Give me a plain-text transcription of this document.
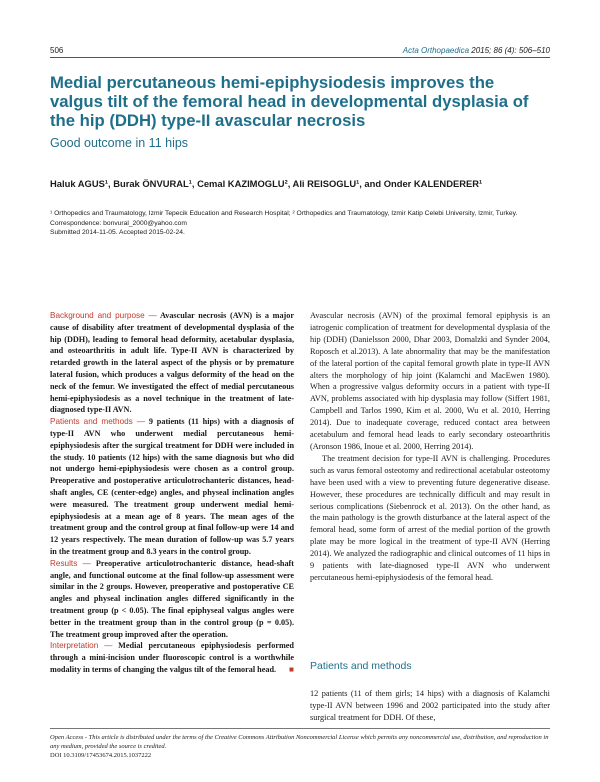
506	Acta Orthopaedica 2015; 86 (4): 506–510
Medial percutaneous hemi-epiphysiodesis improves the valgus tilt of the femoral head in developmental dysplasia of the hip (DDH) type-II avascular necrosis
Good outcome in 11 hips
Haluk AGUS¹, Burak ÖNVURAL¹, Cemal KAZIMOGLU², Ali REISOGLU¹, and Onder KALENDERER¹
¹ Orthopedics and Traumatology, Izmir Tepecik Education and Research Hospital; ² Orthopedics and Traumatology, Izmir Katip Celebi University, Izmir, Turkey.
Correspondence: bonvural_2000@yahoo.com
Submitted 2014-11-05. Accepted 2015-02-24.

Background and purpose — Avascular necrosis (AVN) is a major cause of disability after treatment of developmental dysplasia of the hip (DDH), leading to femoral head deformity, acetabular dysplasia, and osteoarthritis in adult life. Type-II AVN is characterized by retarded growth in the lateral aspect of the physis or by premature lateral fusion, which produces a valgus deformity of the head on the neck of the femur. We investigated the effect of medial percutaneous hemi-epiphysiodesis as a novel technique in the treatment of late-diagnosed type-II AVN.

Patients and methods — 9 patients (11 hips) with a diagnosis of type-II AVN who underwent medial percutaneous hemi-epiphysiodesis after the surgical treatment for DDH were included in the study. 10 patients (12 hips) with the same diagnosis but who did not undergo hemi-epiphysiodesis were chosen as a control group. Preoperative and postoperative articulotrochanteric distances, head-shaft angles, CE (center-edge) angles, and physeal inclination angles were measured. The treatment group underwent medial hemi-epiphysiodesis at a mean age of 8 years. The mean ages of the treatment group and the control group at final follow-up were 14 and 12 years respectively. The mean duration of follow-up was 5.7 years in the treatment group and 8.3 years in the control group.

Results — Preoperative articulotrochanteric distance, head-shaft angle, and functional outcome at the final follow-up assessment were similar in the 2 groups. However, preoperative and postoperative CE angles and physeal inclination angles differed significantly in the treatment group (p < 0.05). The final epiphyseal valgus angles were better in the treatment group than in the control group (p = 0.05). The treatment group improved after the operation.

Interpretation — Medial percutaneous epiphysiodesis performed through a mini-incision under fluoroscopic control is a worthwhile modality in terms of changing the valgus tilt of the femoral head. ■

Avascular necrosis (AVN) of the proximal femoral epiphysis is an iatrogenic complication of treatment for developmental dysplasia of the hip (DDH) (Danielsson 2000, Dhar 2003, Domalzki and Synder 2004, Roposch et al.2013). A late abnormality that may be the manifestation of the lateral portion of the capital femoral growth plate in type-II AVN alters the morphology of hip joint (Kalamchi and MacEwen 1980). When a progressive valgus deformity occurs in a patient with type-II AVN, problems associated with hip dysplasia may follow (Siffert 1981, Campbell and Tarlos 1990, Kim et al. 2000, Wu et al. 2010, Herring 2014). Due to inadequate coverage, reduced contact area between acetabulum and femoral head leads to early secondary osteoarthritis (Aronson 1986, Inoue et al. 2000, Herring 2014).

The treatment decision for type-II AVN is challenging. Procedures such as varus femoral osteotomy and redirectional acetabular osteotomy have been used with a view to preventing future degenerative disease. However, these procedures are technically difficult and may result in serious complications (Siebenrock et al. 2013). On the other hand, as the main pathology is the growth disturbance at the lateral aspect of the femoral head, some form of arrest of the medial portion of the growth plate may be more logical in the treatment of type-II AVN (Herring 2014). We analyzed the radiographic and clinical outcomes of 11 hips in 9 patients with late-diagnosed type-II AVN who underwent percutaneous hemi-epiphysiodesis of the femoral head.

Patients and methods

12 patients (11 of them girls; 14 hips) with a diagnosis of Kalamchi type-II AVN between 1996 and 2002 participated into the study after surgical treatment for DDH. Of these,

Open Access - This article is distributed under the terms of the Creative Commons Attribution Noncommercial License which permits any noncommercial use, distribution, and reproduction in any medium, provided the source is credited.
DOI 10.3109/17453674.2015.1037222
